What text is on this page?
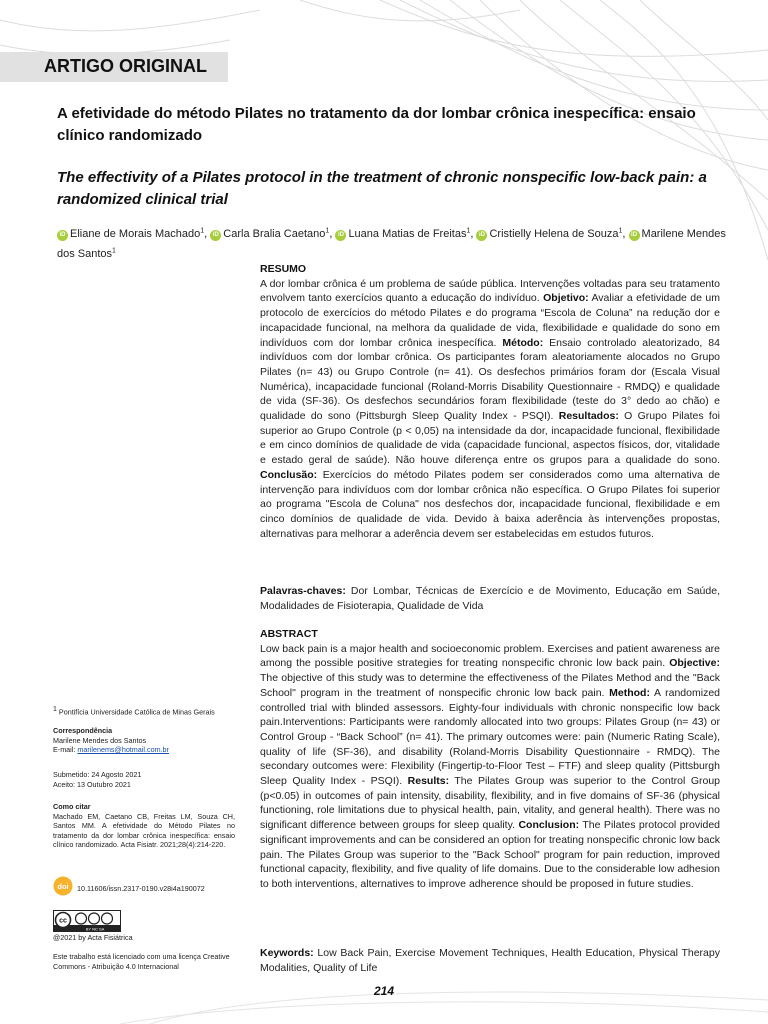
ARTIGO ORIGINAL
A efetividade do método Pilates no tratamento da dor lombar crônica inespecífica: ensaio clínico randomizado
The effectivity of a Pilates protocol in the treatment of chronic nonspecific low-back pain: a randomized clinical trial
iD Eliane de Morais Machado$^1$, iD Carla Bralia Caetano$^1$, iD Luana Matias de Freitas$^1$, iD Cristielly Helena de Souza$^1$, iD Marilene Mendes dos Santos$^1$
RESUMO
A dor lombar crônica é um problema de saúde pública. Intervenções voltadas para seu tratamento envolvem tanto exercícios quanto a educação do indivíduo. Objetivo: Avaliar a efetividade de um protocolo de exercícios do método Pilates e do programa “Escola de Coluna” na redução dor e incapacidade funcional, na melhora da qualidade de vida, flexibilidade e qualidade do sono em indivíduos com dor lombar crônica inespecífica. Método: Ensaio controlado aleatorizado, 84 indivíduos com dor lombar crônica. Os participantes foram aleatoriamente alocados no Grupo Pilates (n= 43) ou Grupo Controle (n= 41). Os desfechos primários foram dor (Escala Visual Numérica), incapacidade funcional (Roland-Morris Disability Questionnaire - RMDQ) e qualidade de vida (SF-36). Os desfechos secundários foram flexibilidade (teste do 3° dedo ao chão) e qualidade do sono (Pittsburgh Sleep Quality Index - PSQI). Resultados: O Grupo Pilates foi superior ao Grupo Controle (p < 0,05) na intensidade da dor, incapacidade funcional, flexibilidade e em cinco domínios de qualidade de vida (capacidade funcional, aspectos físicos, dor, vitalidade e estado geral de saúde). Não houve diferença entre os grupos para a qualidade do sono. Conclusão: Exercícios do método Pilates podem ser considerados como uma alternativa de intervenção para indivíduos com dor lombar crônica não específica. O Grupo Pilates foi superior ao programa "Escola de Coluna" nos desfechos dor, incapacidade funcional, flexibilidade e em cinco domínios de qualidade de vida. Devido à baixa aderência às intervenções propostas, alternativas para melhorar a aderência devem ser estabelecidas em estudos futuros.
Palavras-chaves: Dor Lombar, Técnicas de Exercício e de Movimento, Educação em Saúde, Modalidades de Fisioterapia, Qualidade de Vida
ABSTRACT
Low back pain is a major health and socioeconomic problem. Exercises and patient awareness are among the possible positive strategies for treating nonspecific chronic low back pain. Objective: The objective of this study was to determine the effectiveness of the Pilates Method and the "Back School" program in the treatment of nonspecific chronic low back pain. Method: A randomized controlled trial with blinded assessors. Eighty-four individuals with chronic nonspecific low back pain.Interventions: Participants were randomly allocated into two groups: Pilates Group (n= 43) or Control Group - “Back School” (n= 41). The primary outcomes were: pain (Numeric Rating Scale), quality of life (SF-36), and disability (Roland-Morris Disability Questionnaire - RMDQ). The secondary outcomes were: Flexibility (Fingertip-to-Floor Test – FTF) and sleep quality (Pittsburgh Sleep Quality Index - PSQI). Results: The Pilates Group was superior to the Control Group (p<0.05) in outcomes of pain intensity, disability, flexibility, and in five domains of SF-36 (physical functioning, role limitations due to physical health, pain, vitality, and general health). There was no significant difference between groups for sleep quality. Conclusion: The Pilates protocol provided significant improvements and can be considered an option for treating nonspecific chronic low back pain. The Pilates Group was superior to the "Back School" program for pain reduction, improved functional capacity, flexibility, and five quality of life domains. Due to the considerable low adhesion to both interventions, alternatives to improve adherence should be proposed in future studies.
Keywords: Low Back Pain, Exercise Movement Techniques, Health Education, Physical Therapy Modalities, Quality of Life
$^1$ Pontifícia Universidade Católica de Minas Gerais
Correspondência
Marilene Mendes dos Santos
E-mail: marilenems@hotmail.com.br
Submetido: 24 Agosto 2021
Aceito: 13 Outubro 2021
Como citar
Machado EM, Caetano CB, Freitas LM, Souza CH, Santos MM. A efetividade do Método Pilates no tratamento da dor lombar crônica inespecífica: ensaio clínico randomizado. Acta Fisiatr. 2021;28(4):214-220.
doi 10.11606/issn.2317-0190.v28i4a190072
cc
BY NC SA
@2021 by Acta Fisiátrica
Este trabalho está licenciado com uma licença Creative Commons - Atribuição 4.0 Internacional
214
